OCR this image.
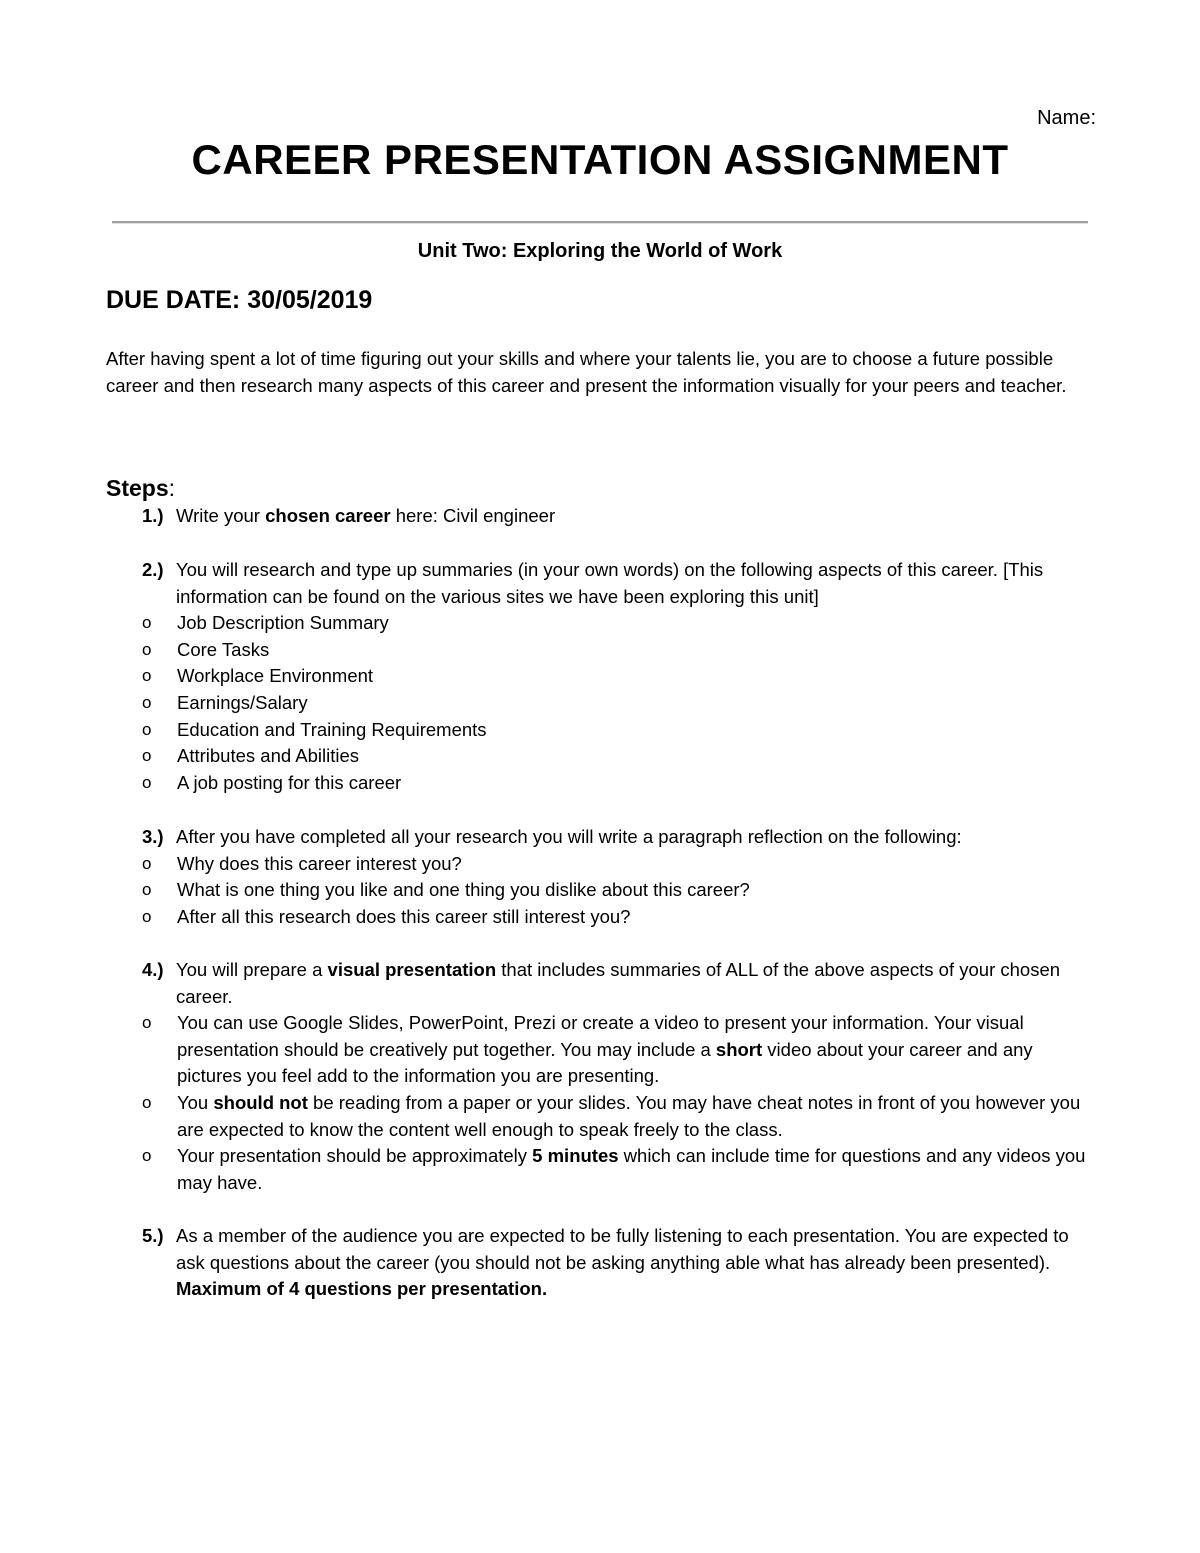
Name:
CAREER PRESENTATION ASSIGNMENT
Unit Two: Exploring the World of Work
DUE DATE: 30/05/2019
After having spent a lot of time figuring out your skills and where your talents lie, you are to choose a future possible career and then research many aspects of this career and present the information visually for your peers and teacher.
Steps:
1.) Write your chosen career here: Civil engineer
2.) You will research and type up summaries (in your own words) on the following aspects of this career. [This information can be found on the various sites we have been exploring this unit]
o Job Description Summary
o Core Tasks
o Workplace Environment
o Earnings/Salary
o Education and Training Requirements
o Attributes and Abilities
o A job posting for this career
3.) After you have completed all your research you will write a paragraph reflection on the following:
o Why does this career interest you?
o What is one thing you like and one thing you dislike about this career?
o After all this research does this career still interest you?
4.) You will prepare a visual presentation that includes summaries of ALL of the above aspects of your chosen career.
o You can use Google Slides, PowerPoint, Prezi or create a video to present your information. Your visual presentation should be creatively put together. You may include a short video about your career and any pictures you feel add to the information you are presenting.
o You should not be reading from a paper or your slides. You may have cheat notes in front of you however you are expected to know the content well enough to speak freely to the class.
o Your presentation should be approximately 5 minutes which can include time for questions and any videos you may have.
5.) As a member of the audience you are expected to be fully listening to each presentation. You are expected to ask questions about the career (you should not be asking anything able what has already been presented). Maximum of 4 questions per presentation.
